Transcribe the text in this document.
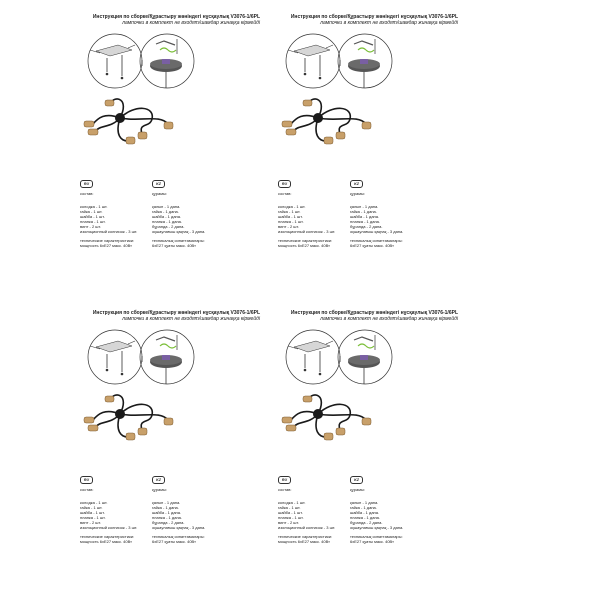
Инструкция по сборке/Құрастыру жөніндегі нұсқаулық V3076-1/6PL
лампочки в комплект не входят/шамдар жинаққа кірмейді
RU
состав:
колодка - 1 шт.
гайка - 1 шт.
шайба - 1 шт.
планка - 1 шт.
винт - 2 шт.
изоляционный колпачок - 3 шт.
технические характеристики:
мощность 6xE27 макс. 40Вт
KZ
құрамы:
қалып - 1 дана.
гайка - 1 дана.
шайба - 1 дана.
планка - 1 дана.
бұранда - 2 дана.
оқшаулағыш қақпақ - 3 дана.
техникалық сипаттамалары:
6xE27 қуаты макс. 40Вт
Инструкция по сборке/Құрастыру жөніндегі нұсқаулық V3076-1/6PL
лампочки в комплект не входят/шамдар жинаққа кірмейді
RU
состав:
колодка - 1 шт.
гайка - 1 шт.
шайба - 1 шт.
планка - 1 шт.
винт - 2 шт.
изоляционный колпачок - 3 шт.
технические характеристики:
мощность 6xE27 макс. 40Вт
KZ
құрамы:
қалып - 1 дана.
гайка - 1 дана.
шайба - 1 дана.
планка - 1 дана.
бұранда - 2 дана.
оқшаулағыш қақпақ - 3 дана.
техникалық сипаттамалары:
6xE27 қуаты макс. 40Вт
Инструкция по сборке/Құрастыру жөніндегі нұсқаулық V3076-1/6PL
лампочки в комплект не входят/шамдар жинаққа кірмейді
RU
состав:
колодка - 1 шт.
гайка - 1 шт.
шайба - 1 шт.
планка - 1 шт.
винт - 2 шт.
изоляционный колпачок - 3 шт.
технические характеристики:
мощность 6xE27 макс. 40Вт
KZ
құрамы:
қалып - 1 дана.
гайка - 1 дана.
шайба - 1 дана.
планка - 1 дана.
бұранда - 2 дана.
оқшаулағыш қақпақ - 3 дана.
техникалық сипаттамалары:
6xE27 қуаты макс. 40Вт
Инструкция по сборке/Құрастыру жөніндегі нұсқаулық V3076-1/6PL
лампочки в комплект не входят/шамдар жинаққа кірмейді
RU
состав:
колодка - 1 шт.
гайка - 1 шт.
шайба - 1 шт.
планка - 1 шт.
винт - 2 шт.
изоляционный колпачок - 3 шт.
технические характеристики:
мощность 6xE27 макс. 40Вт
KZ
құрамы:
қалып - 1 дана.
гайка - 1 дана.
шайба - 1 дана.
планка - 1 дана.
бұранда - 2 дана.
оқшаулағыш қақпақ - 3 дана.
техникалық сипаттамалары:
6xE27 қуаты макс. 40Вт
